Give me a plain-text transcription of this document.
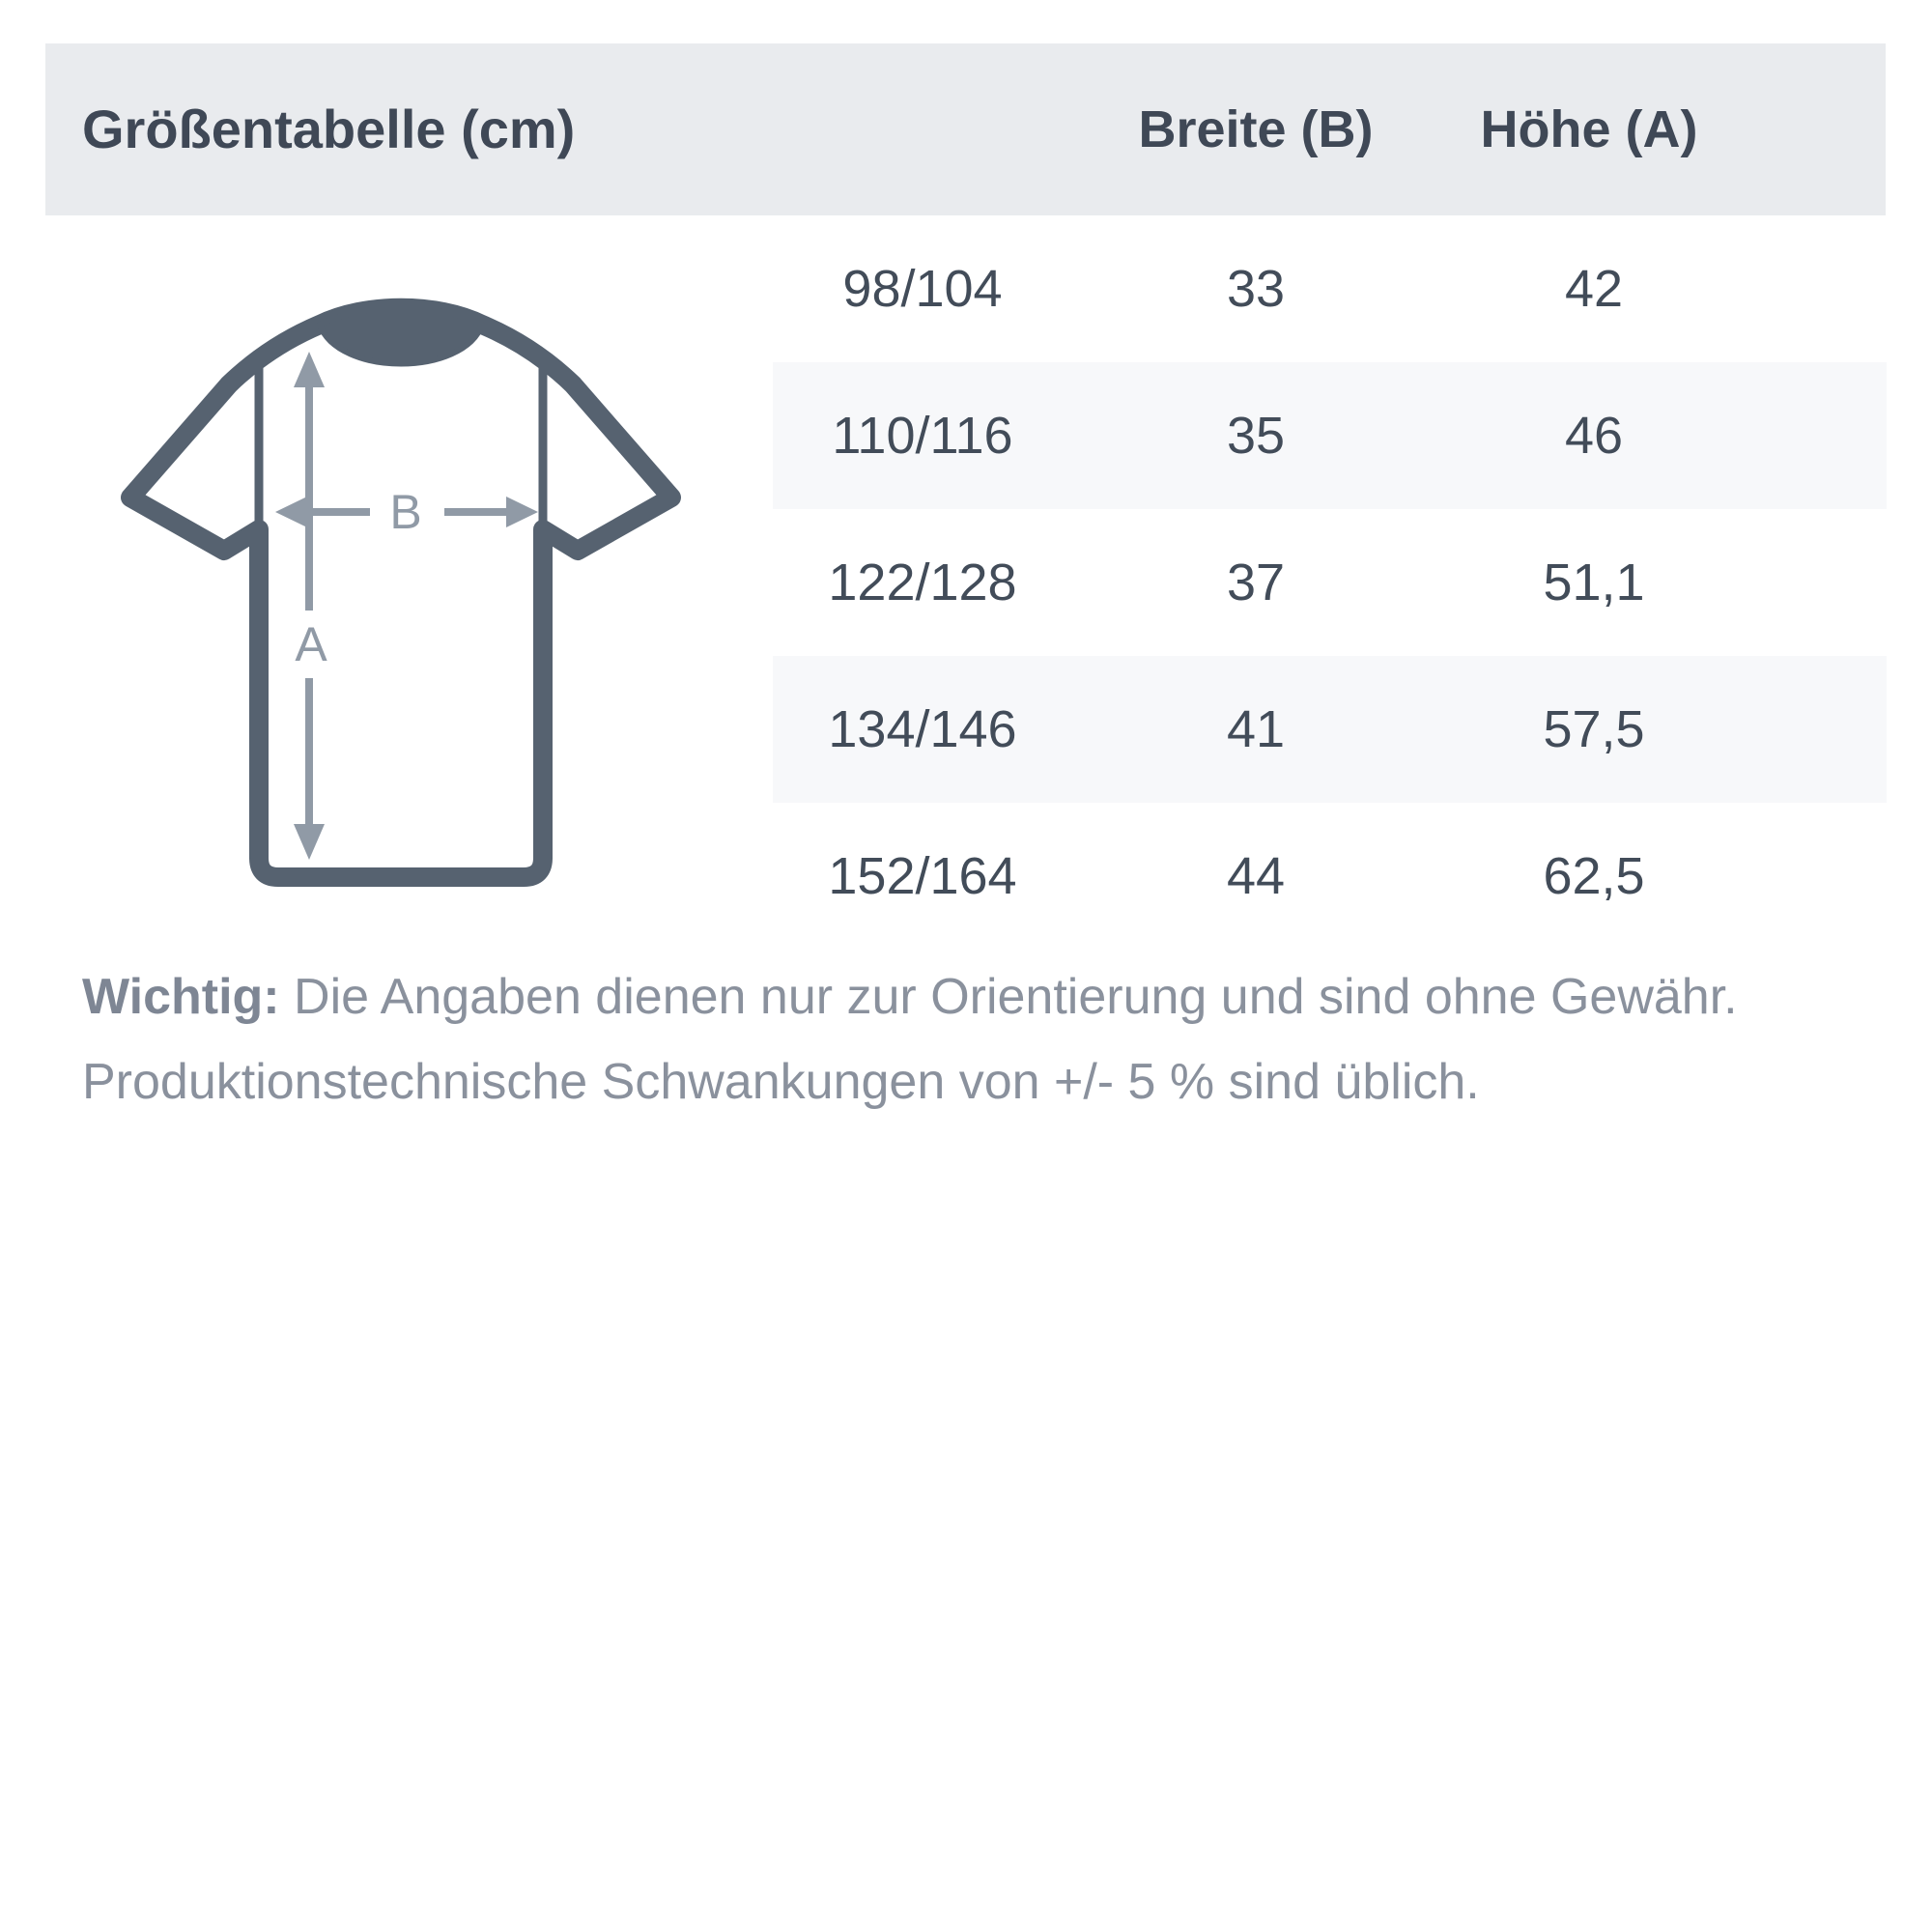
Größentabelle (cm)	Breite (B)	Höhe (A)
98/104	33	42
110/116	35	46
122/128	37	51,1
134/146	41	57,5
152/164	44	62,5
A
B
Wichtig: Die Angaben dienen nur zur Orientierung und sind ohne Gewähr.
Produktionstechnische Schwankungen von +/- 5 % sind üblich.
